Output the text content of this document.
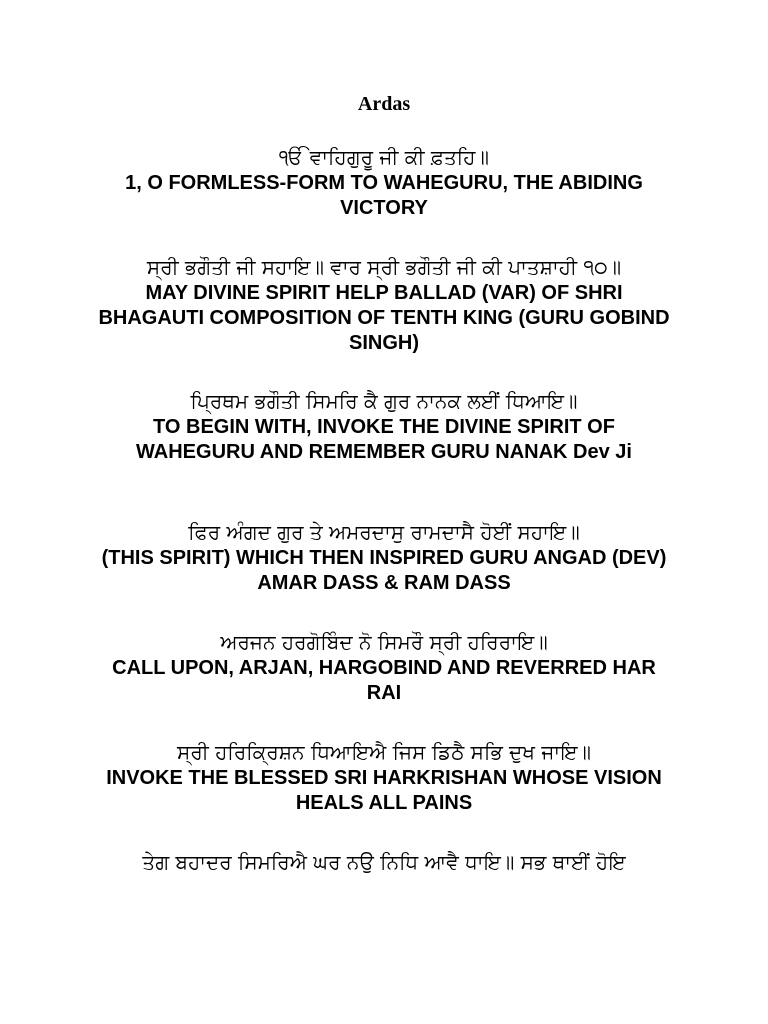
Ardas
ੴ ਵਾਹਿਗੁਰੂ ਜੀ ਕੀ ਫ਼ਤਹਿ॥
1, O FORMLESS-FORM TO WAHEGURU, THE ABIDING VICTORY
ਸ੍ਰੀ ਭਗੌਤੀ ਜੀ ਸਹਾਇ॥ ਵਾਰ ਸ੍ਰੀ ਭਗੌਤੀ ਜੀ ਕੀ ਪਾਤਸ਼ਾਹੀ ੧੦॥
MAY DIVINE SPIRIT HELP BALLAD (VAR) OF SHRI BHAGAUTI COMPOSITION OF TENTH KING (GURU GOBIND SINGH)
ਪ੍ਰਿਥਮ ਭਗੌਤੀ ਸਿਮਰਿ ਕੈ ਗੁਰ ਨਾਨਕ ਲਈਂ ਧਿਆਇ॥
TO BEGIN WITH, INVOKE THE DIVINE SPIRIT OF WAHEGURU AND REMEMBER GURU NANAK Dev Ji
ਫਿਰ ਅੰਗਦ ਗੁਰ ਤੇ ਅਮਰਦਾਸੁ ਰਾਮਦਾਸੈ ਹੋਈਂ ਸਹਾਇ॥
(THIS SPIRIT) WHICH THEN INSPIRED GURU ANGAD (DEV) AMAR DASS & RAM DASS
ਅਰਜਨ ਹਰਗੋਬਿੰਦ ਨੋ ਸਿਮਰੌ ਸ੍ਰੀ ਹਰਿਰਾਇ॥
CALL UPON, ARJAN, HARGOBIND AND REVERRED HAR RAI
ਸ੍ਰੀ ਹਰਿਕ੍ਰਿਸ਼ਨ ਧਿਆਇਐ ਜਿਸ ਡਿਠੈ ਸਭਿ ਦੁਖ ਜਾਇ॥
INVOKE THE BLESSED SRI HARKRISHAN WHOSE VISION HEALS ALL PAINS
ਤੇਗ ਬਹਾਦਰ ਸਿਮਰਿਐ ਘਰ ਨਉ ਨਿਧਿ ਆਵੈ ਧਾਇ॥ ਸਭ ਥਾਈਂ ਹੋਇ
